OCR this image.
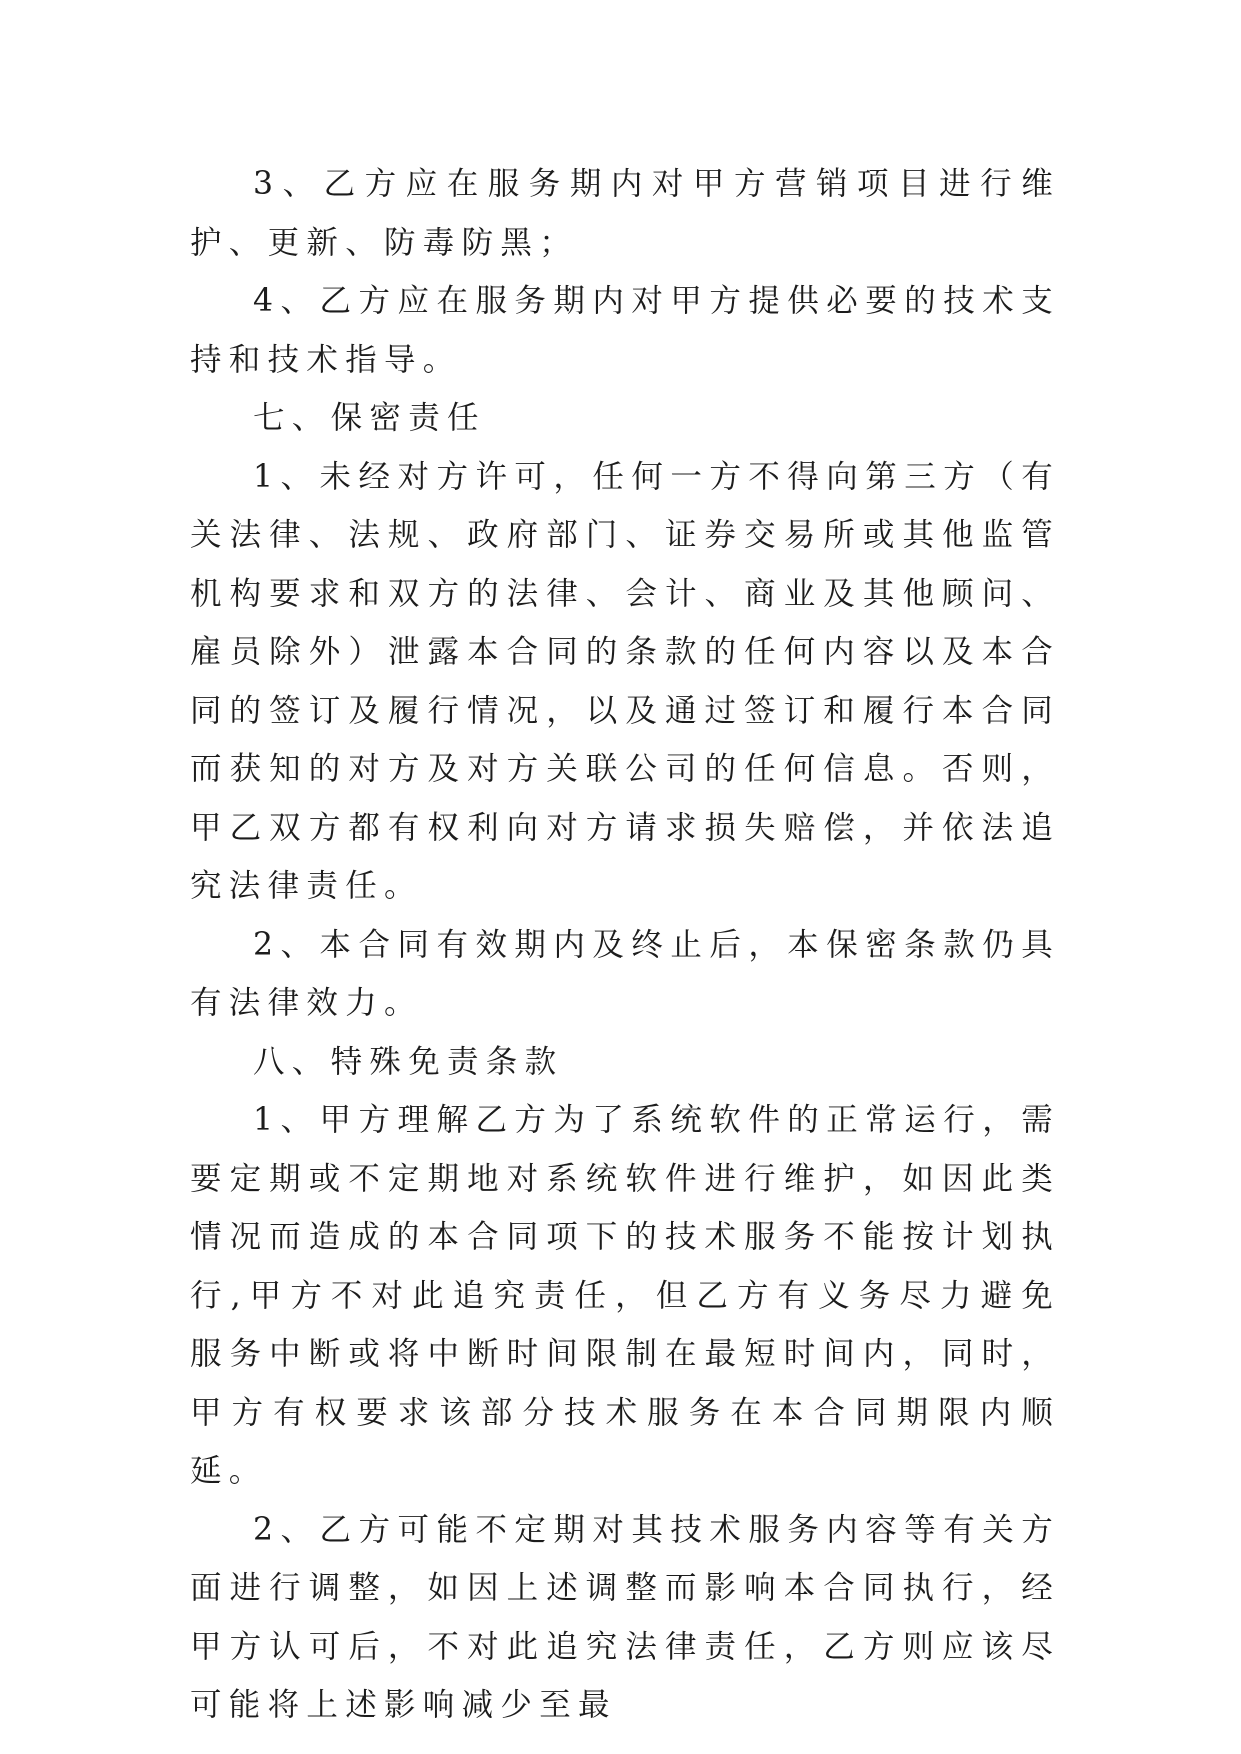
3、乙方应在服务期内对甲方营销项目进行维护、更新、防毒防黑；

4、乙方应在服务期内对甲方提供必要的技术支持和技术指导。

七、保密责任

1、未经对方许可，任何一方不得向第三方（有关法律、法规、政府部门、证券交易所或其他监管机构要求和双方的法律、会计、商业及其他顾问、雇员除外）泄露本合同的条款的任何内容以及本合同的签订及履行情况，以及通过签订和履行本合同而获知的对方及对方关联公司的任何信息。否则，甲乙双方都有权利向对方请求损失赔偿，并依法追究法律责任。

2、本合同有效期内及终止后，本保密条款仍具有法律效力。

八、特殊免责条款

1、甲方理解乙方为了系统软件的正常运行，需要定期或不定期地对系统软件进行维护，如因此类情况而造成的本合同项下的技术服务不能按计划执行,甲方不对此追究责任，但乙方有义务尽力避免服务中断或将中断时间限制在最短时间内，同时，甲方有权要求该部分技术服务在本合同期限内顺延。

2、乙方可能不定期对其技术服务内容等有关方面进行调整，如因上述调整而影响本合同执行，经甲方认可后，不对此追究法律责任，乙方则应该尽可能将上述影响减少至最
